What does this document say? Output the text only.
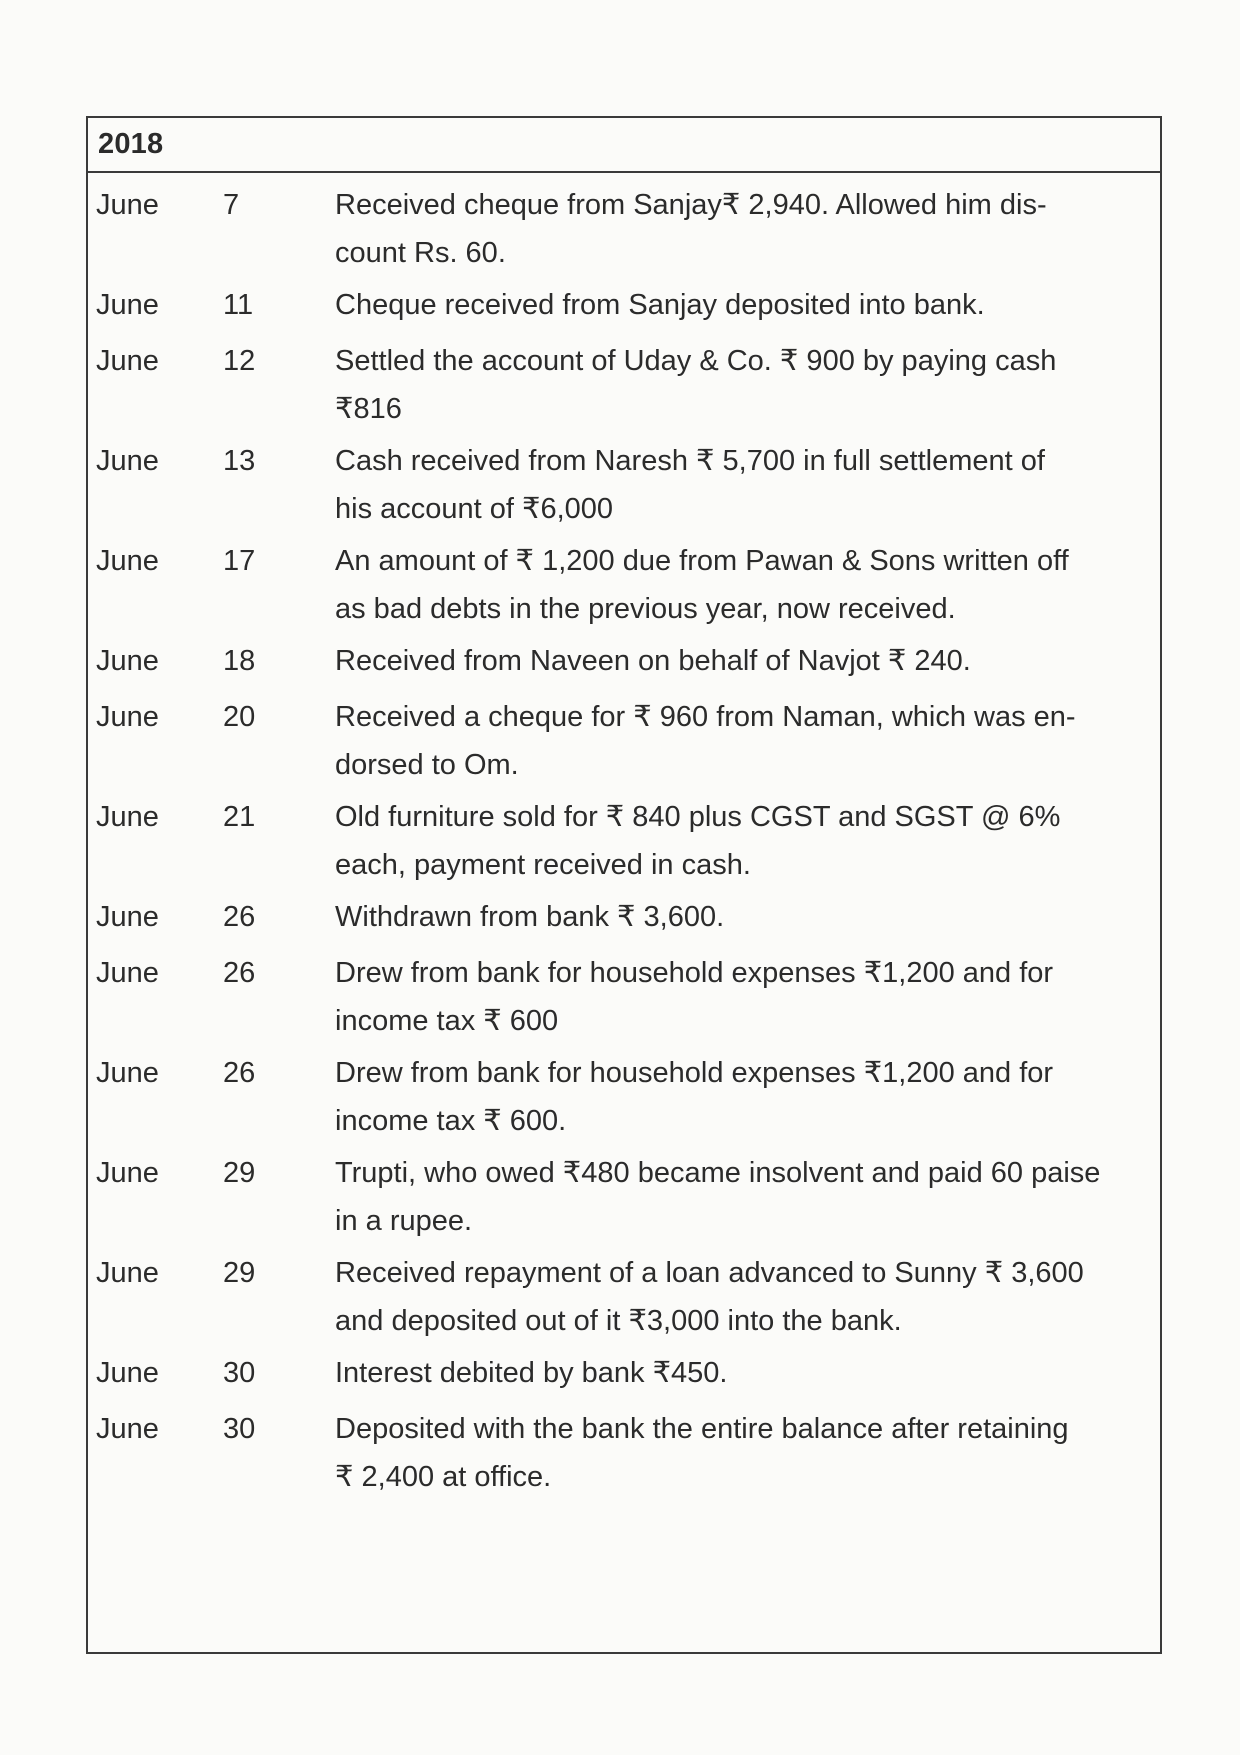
2018
June 7	Received cheque from Sanjay₹ 2,940. Allowed him dis-
count Rs. 60.
June 11	Cheque received from Sanjay deposited into bank.
June 12	Settled the account of Uday & Co. ₹ 900 by paying cash
₹816
June 13	Cash received from Naresh ₹ 5,700 in full settlement of
his account of ₹6,000
June 17	An amount of ₹ 1,200 due from Pawan & Sons written off
as bad debts in the previous year, now received.
June 18	Received from Naveen on behalf of Navjot ₹ 240.
June 20	Received a cheque for ₹ 960 from Naman, which was en-
dorsed to Om.
June 21	Old furniture sold for ₹ 840 plus CGST and SGST @ 6%
each, payment received in cash.
June 26	Withdrawn from bank ₹ 3,600.
June 26	Drew from bank for household expenses ₹1,200 and for
income tax ₹ 600
June 26	Drew from bank for household expenses ₹1,200 and for
income tax ₹ 600.
June 29	Trupti, who owed ₹480 became insolvent and paid 60 paise
in a rupee.
June 29	Received repayment of a loan advanced to Sunny ₹ 3,600
and deposited out of it ₹3,000 into the bank.
June 30	Interest debited by bank ₹450.
June 30	Deposited with the bank the entire balance after retaining
₹ 2,400 at office.
